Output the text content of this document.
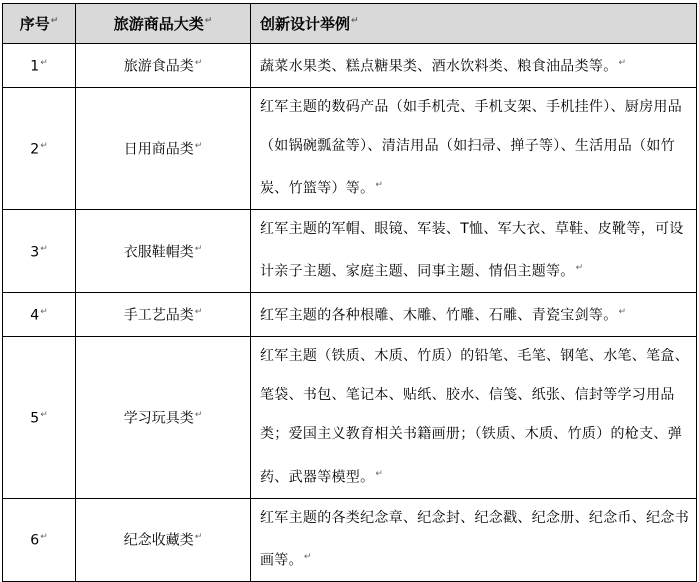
序号 ↵	旅游商品大类 ↵	创新设计举例 ↵
1 ↵	旅游食品类 ↵	蔬菜水果类、糕点糖果类、酒水饮料类、粮食油品类等。 ↵
2 ↵	日用商品类 ↵	红军主题的数码产品（如手机壳、手机支架、手机挂件）、厨房用品（如锅碗瓢盆等）、清洁用品（如扫帚、掸子等）、生活用品（如竹炭、竹篮等）等。 ↵
3 ↵	衣服鞋帽类 ↵	红军主题的军帽、眼镜、军装、T恤、军大衣、草鞋、皮靴等，可设计亲子主题、家庭主题、同事主题、情侣主题等。 ↵
4 ↵	手工艺品类 ↵	红军主题的各种根雕、木雕、竹雕、石雕、青瓷宝剑等。 ↵
5 ↵	学习玩具类 ↵	红军主题（铁质、木质、竹质）的铅笔、毛笔、钢笔、水笔、笔盒、笔袋、书包、笔记本、贴纸、胶水、信笺、纸张、信封等学习用品类；爱国主义教育相关书籍画册；（铁质、木质、竹质）的枪支、弹药、武器等模型。 ↵
6 ↵	纪念收藏类 ↵	红军主题的各类纪念章、纪念封、纪念戳、纪念册、纪念币、纪念书画等。 ↵
